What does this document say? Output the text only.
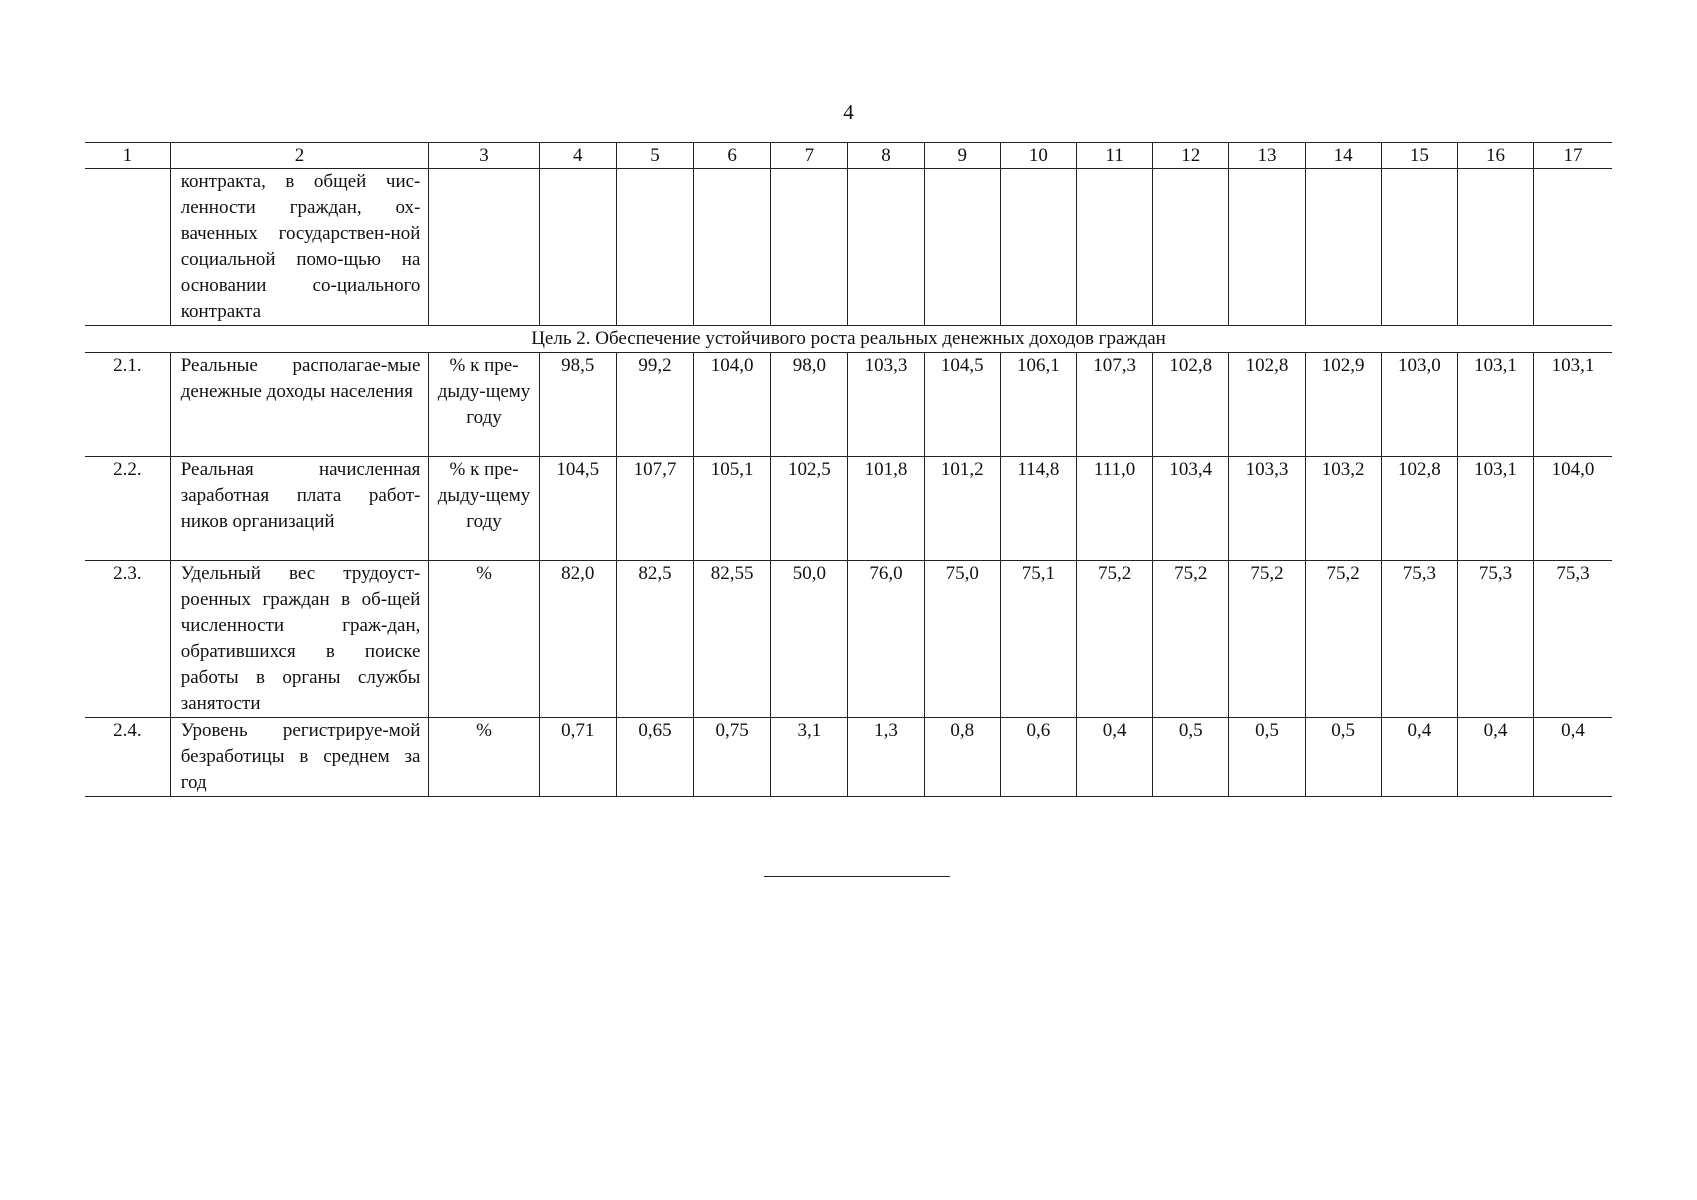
4
1	2	3	4	5	6	7	8	9	10	11	12	13	14	15	16	17
	контракта, в общей чис-ленности граждан, ох-ваченных государствен-ной социальной помо-щью на основании со-циального контракта															
Цель 2. Обеспечение устойчивого роста реальных денежных доходов граждан																
2.1.	Реальные располагае-мые денежные доходы населения	% к пре-дыду-щему году	98,5	99,2	104,0	98,0	103,3	104,5	106,1	107,3	102,8	102,8	102,9	103,0	103,1	103,1
2.2.	Реальная начисленная заработная плата работ-ников организаций	% к пре-дыду-щему году	104,5	107,7	105,1	102,5	101,8	101,2	114,8	111,0	103,4	103,3	103,2	102,8	103,1	104,0
2.3.	Удельный вес трудоуст-роенных граждан в об-щей численности граж-дан, обратившихся в поиске работы в органы службы занятости	%	82,0	82,5	82,55	50,0	76,0	75,0	75,1	75,2	75,2	75,2	75,2	75,3	75,3	75,3
2.4.	Уровень регистрируе-мой безработицы в среднем за год	%	0,71	0,65	0,75	3,1	1,3	0,8	0,6	0,4	0,5	0,5	0,5	0,4	0,4	0,4
